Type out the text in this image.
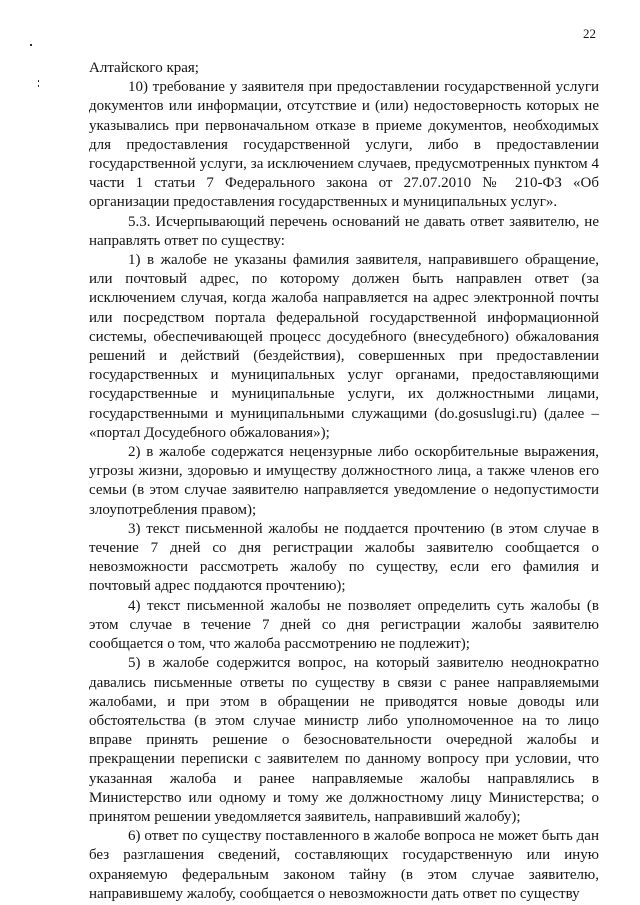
22

Алтайского края;

10) требование у заявителя при предоставлении государственной услуги документов или информации, отсутствие и (или) недостоверность которых не указывались при первоначальном отказе в приеме документов, необходимых для предоставления государственной услуги, либо в предоставлении государственной услуги, за исключением случаев, предусмотренных пунктом 4 части 1 статьи 7 Федерального закона от 27.07.2010 № 210-ФЗ «Об организации предоставления государственных и муниципальных услуг».

5.3. Исчерпывающий перечень оснований не давать ответ заявителю, не направлять ответ по существу:

1) в жалобе не указаны фамилия заявителя, направившего обращение, или почтовый адрес, по которому должен быть направлен ответ (за исключением случая, когда жалоба направляется на адрес электронной почты или посредством портала федеральной государственной информационной системы, обеспечивающей процесс досудебного (внесудебного) обжалования решений и действий (бездействия), совершенных при предоставлении государственных и муниципальных услуг органами, предоставляющими государственные и муниципальные услуги, их должностными лицами, государственными и муниципальными служащими (do.gosuslugi.ru) (далее – «портал Досудебного обжалования»);

2) в жалобе содержатся нецензурные либо оскорбительные выражения, угрозы жизни, здоровью и имуществу должностного лица, а также членов его семьи (в этом случае заявителю направляется уведомление о недопустимости злоупотребления правом);

3) текст письменной жалобы не поддается прочтению (в этом случае в течение 7 дней со дня регистрации жалобы заявителю сообщается о невозможности рассмотреть жалобу по существу, если его фамилия и почтовый адрес поддаются прочтению);

4) текст письменной жалобы не позволяет определить суть жалобы (в этом случае в течение 7 дней со дня регистрации жалобы заявителю сообщается о том, что жалоба рассмотрению не подлежит);

5) в жалобе содержится вопрос, на который заявителю неоднократно давались письменные ответы по существу в связи с ранее направляемыми жалобами, и при этом в обращении не приводятся новые доводы или обстоятельства (в этом случае министр либо уполномоченное на то лицо вправе принять решение о безосновательности очередной жалобы и прекращении переписки с заявителем по данному вопросу при условии, что указанная жалоба и ранее направляемые жалобы направлялись в Министерство или одному и тому же должностному лицу Министерства; о принятом решении уведомляется заявитель, направивший жалобу);

6) ответ по существу поставленного в жалобе вопроса не может быть дан без разглашения сведений, составляющих государственную или иную охраняемую федеральным законом тайну (в этом случае заявителю, направившему жалобу, сообщается о невозможности дать ответ по существу
